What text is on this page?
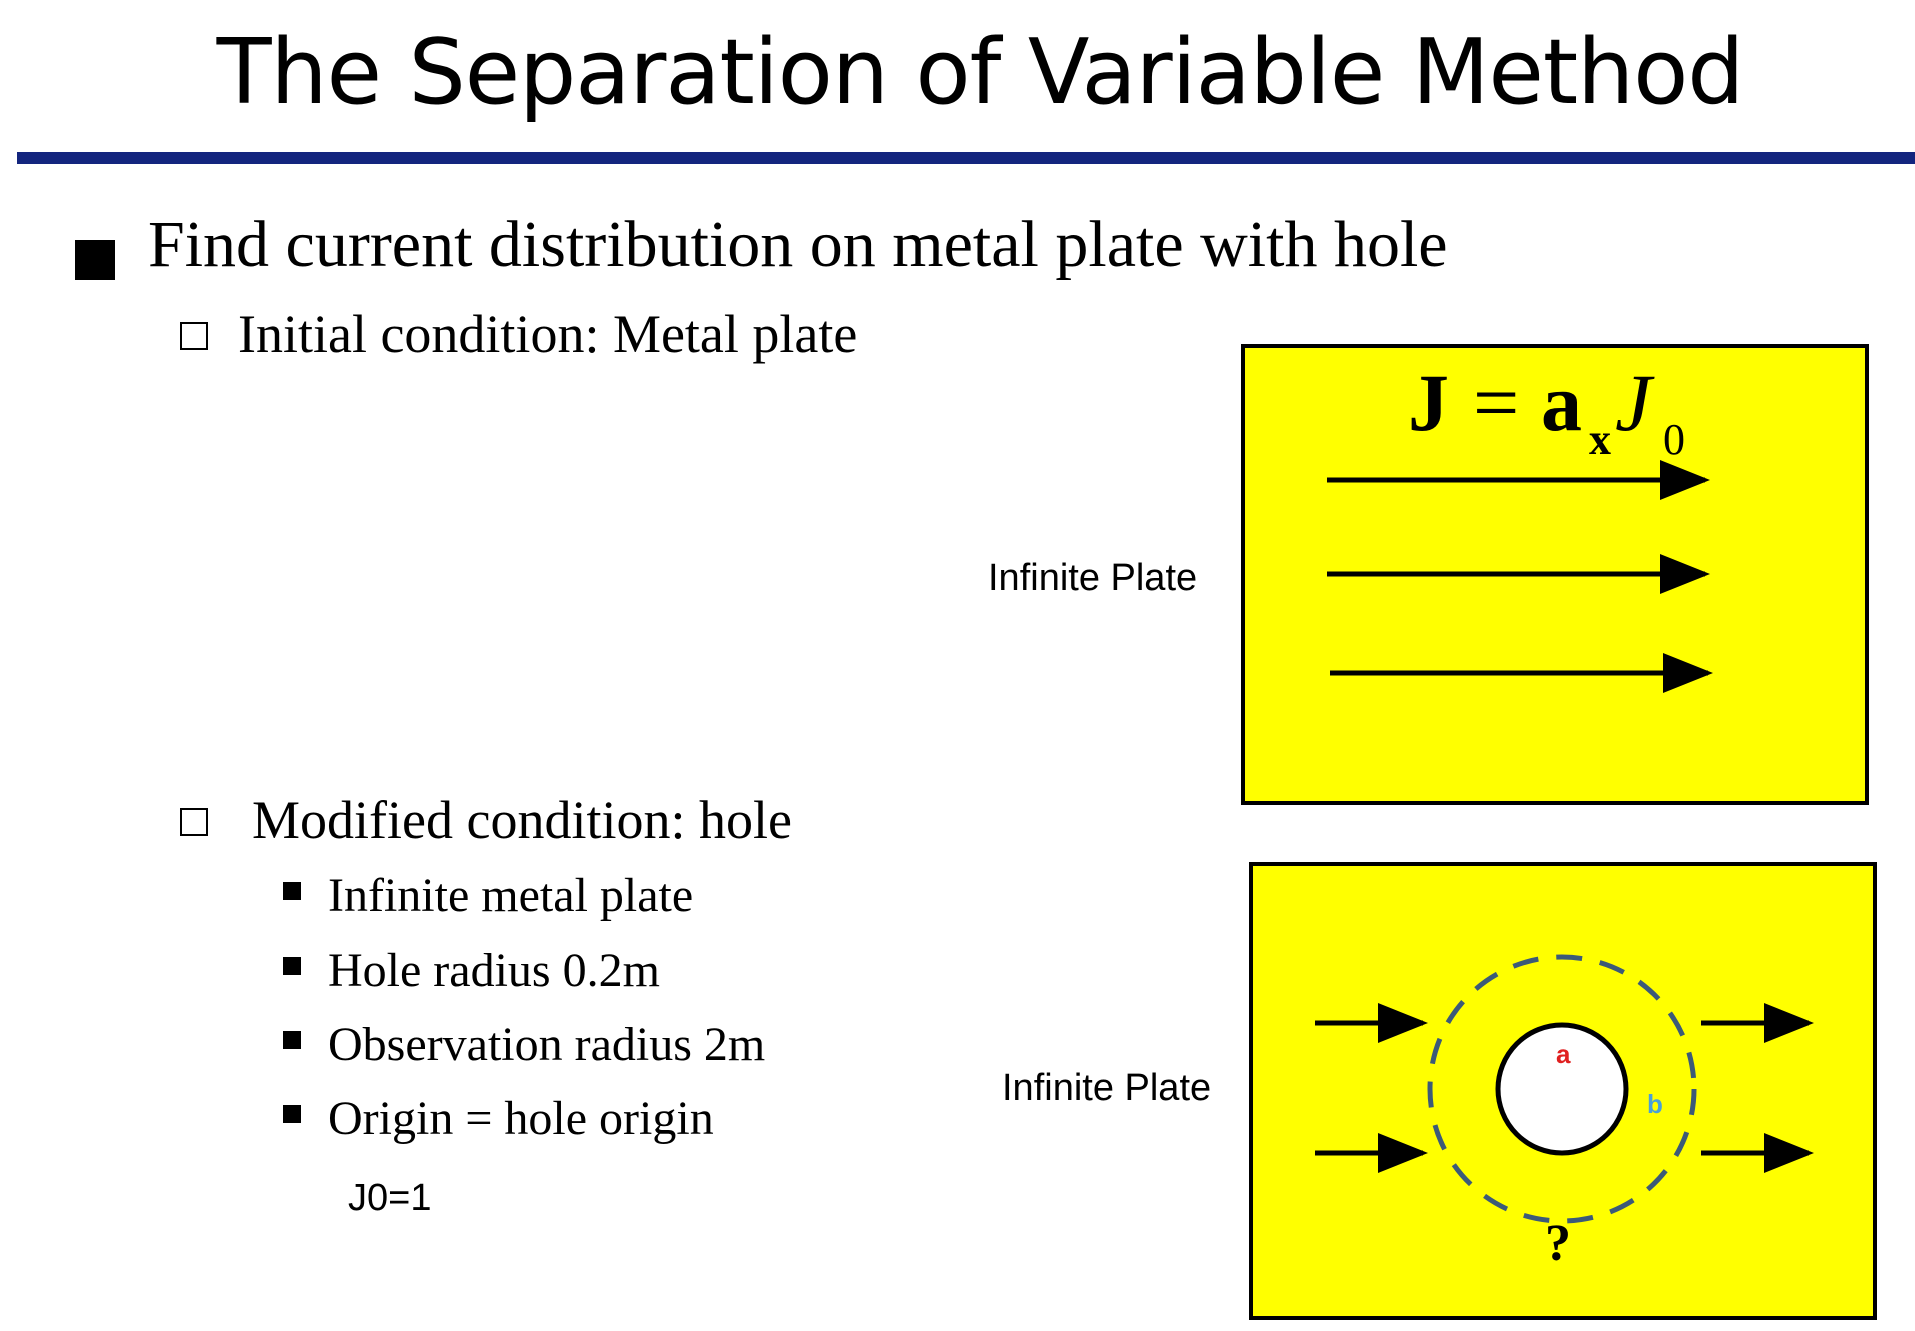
The Separation of Variable Method
Find current distribution on metal plate with hole
Initial condition: Metal plate
Modified condition: hole
Infinite metal plate
Hole radius 0.2m
Observation radius 2m
Origin = hole origin
J0=1
Infinite Plate
J = a x J 0
Infinite Plate
a
b
?
